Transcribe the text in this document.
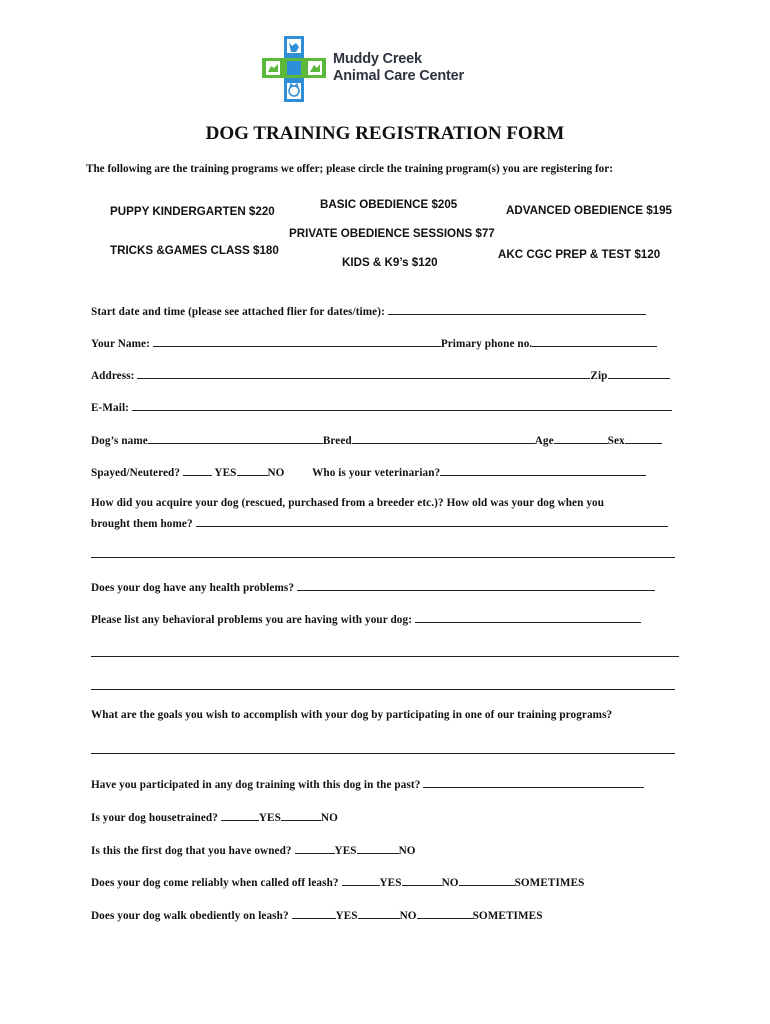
Muddy Creek
Animal Care Center
DOG TRAINING REGISTRATION FORM
The following are the training programs we offer; please circle the training program(s) you are registering for:
PUPPY KINDERGARTEN $220
BASIC OBEDIENCE $205	ADVANCED OBEDIENCE $195
PRIVATE OBEDIENCE SESSIONS $77
TRICKS &GAMES CLASS $180	AKC CGC PREP & TEST $120
KIDS & K9’s $120
Start date and time (please see attached flier for dates/time):
Your Name:	Primary phone no.
Address:	Zip
E-Mail:
Dog’s name	Breed	Age	Sex
Spayed/Neutered?	YES	NO Who is your veterinarian?
How did you acquire your dog (rescued, purchased from a breeder etc.)? How old was your dog when you
brought them home?
Does your dog have any health problems?
Please list any behavioral problems you are having with your dog:
What are the goals you wish to accomplish with your dog by participating in one of our training programs?
Have you participated in any dog training with this dog in the past?
Is your dog housetrained?	YES	NO
Is this the first dog that you have owned?	YES	NO
Does your dog come reliably when called off leash?	YES	NO	SOMETIMES
Does your dog walk obediently on leash?	YES	NO	SOMETIMES
